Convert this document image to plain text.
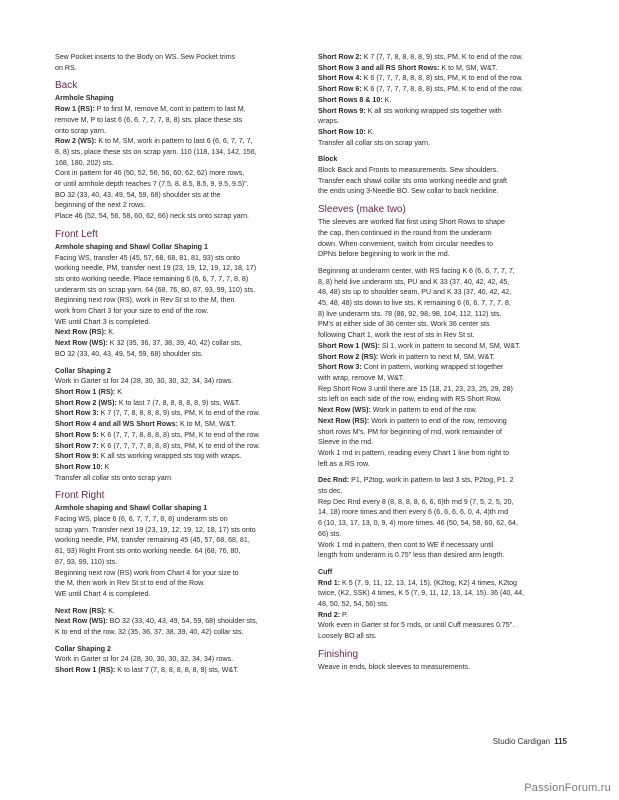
Sew Pocket inserts to the Body on WS. Sew Pocket trims
on RS.
Back
Armhole Shaping
Row 1 (RS): P to first M, remove M, cont in pattern to last M,
remove M, P to last 6 (6, 6, 7, 7, 7, 8, 8) sts, place these sts
onto scrap yarn.
Row 2 (WS): K to M, SM, work in pattern to last 6 (6, 6, 7, 7, 7,
8, 8) sts, place these sts on scrap yarn. 110 (118, 134, 142, 156,
168, 180, 202) sts.
Cont in pattern for 46 (50, 52, 56, 56, 60, 62, 62) more rows,
or until armhole depth reaches 7 (7.5, 8, 8.5, 8.5, 9, 9.5, 9.5)".
BO 32 (33, 40, 43, 49, 54, 59, 68) shoulder sts at the
beginning of the next 2 rows.
Place 46 (52, 54, 56, 58, 60, 62, 66) neck sts onto scrap yarn.
Front Left
Armhole shaping and Shawl Collar Shaping 1
Facing WS, transfer 45 (45, 57, 68, 68, 81, 81, 93) sts onto
working needle, PM, transfer next 19 (23, 19, 12, 19, 12, 18, 17)
sts onto working needle. Place remaining 6 (6, 6, 7, 7, 7, 8, 8)
underarm sts on scrap yarn. 64 (68, 76, 80, 87, 93, 99, 110) sts.
Beginning next row (RS), work in Rev St st to the M, then
work from Chart 3 for your size to end of the row.
WE until Chart 3 is completed.
Next Row (RS): K.
Next Row (WS): K 32 (35, 36, 37, 38, 39, 40, 42) collar sts,
BO 32 (33, 40, 43, 49, 54, 59, 68) shoulder sts.
Collar Shaping 2
Work in Garter st for 24 (28, 30, 30, 30, 32, 34, 34) rows.
Short Row 1 (RS): K
Short Row 2 (WS): K to last 7 (7, 8, 8, 8, 8, 8, 9) sts, W&T.
Short Row 3: K 7 (7, 7, 8, 8, 8, 8, 9) sts, PM, K to end of the row.
Short Row 4 and all WS Short Rows: K to M, SM, W&T.
Short Row 5: K 6 (7, 7, 7, 8, 8, 8, 8) sts, PM, K to end of the row.
Short Row 7: K 6 (7, 7, 7, 7, 8, 8, 8) sts, PM, K to end of the row.
Short Row 9: K all sts working wrapped sts tog with wraps.
Short Row 10: K
Transfer all collar sts onto scrap yarn
Front Right
Armhole shaping and Shawl Collar shaping 1
Facing WS, place 6 (6, 6, 7, 7, 7, 8, 8) underarm sts on
scrap yarn. Transfer next 19 (23, 19, 12, 19, 12, 18, 17) sts onto
working needle, PM, transfer remaining 45 (45, 57, 68, 68, 81,
81, 93) Right Front sts onto working needle. 64 (68, 76, 80,
87, 93, 99, 110) sts.
Beginning next row (RS) work from Chart 4 for your size to
the M, then work in Rev St st to end of the Row.
WE until Chart 4 is completed.
Next Row (RS): K.
Next Row (WS): BO 32 (33, 40, 43, 49, 54, 59, 68) shoulder sts,
K to end of the row. 32 (35, 36, 37, 38, 39, 40, 42) collar sts.
Collar Shaping 2
Work in Garter st for 24 (28, 30, 30, 30, 32, 34, 34) rows.
Short Row 1 (RS): K to last 7 (7, 8, 8, 8, 8, 8, 9) sts, W&T.
Short Row 2: K 7 (7, 7, 8, 8, 8, 8, 9) sts, PM, K to end of the row.
Short Row 3 and all RS Short Rows: K to M, SM, W&T.
Short Row 4: K 6 (7, 7, 7, 8, 8, 8, 8) sts, PM, K to end of the row.
Short Row 6: K 6 (7, 7, 7, 7, 8, 8, 8) sts, PM, K to end of the row.
Short Rows 8 & 10: K.
Short Rows 9: K all sts working wrapped sts together with
wraps.
Short Row 10: K.
Transfer all collar sts on scrap yarn.
Block
Block Back and Fronts to measurements. Sew shoulders.
Transfer each shawl collar sts onto working needle and graft
the ends using 3-Needle BO. Sew collar to back neckline.
Sleeves (make two)
The sleeves are worked flat first using Short Rows to shape
the cap, then continued in the round from the underarm
down. When convenient, switch from circular needles to
DPNs before beginning to work in the rnd.
Beginning at underarm center, with RS facing K 6 (6, 6, 7, 7, 7,
8, 8) held live underarm sts, PU and K 33 (37, 40, 42, 42, 45,
48, 48) sts up to shoulder seam, PU and K 33 (37, 40, 42, 42,
45, 48, 48) sts down to live sts, K remaining 6 (6, 6, 7, 7, 7, 8,
8) live underarm sts. 78 (86, 92, 98, 98, 104, 112, 112) sts.
PM's at either side of 36 center sts. Work 36 center sts
following Chart 1, work the rest of sts in Rev St st.
Short Row 1 (WS): Sl 1, work in pattern to second M, SM, W&T.
Short Row 2 (RS): Work in pattern to next M, SM, W&T.
Short Row 3: Cont in pattern, working wrapped st together
with wrap, remove M, W&T.
Rep Short Row 3 until there are 15 (18, 21, 23, 23, 25, 29, 28)
sts left on each side of the row, ending with RS Short Row.
Next Row (WS): Work in pattern to end of the row.
Next Row (RS): Work in pattern to end of the row, removing
short rows M's. PM for beginning of rnd, work remainder of
Sleeve in the rnd.
Work 1 rnd in pattern, reading every Chart 1 line from right to
left as a RS row.
Dec Rnd: P1, P2tog, work in pattern to last 3 sts, P2tog, P1. 2
sts dec.
Rep Dec Rnd every 8 (8, 8, 8, 8, 6, 6, 6)th rnd 9 (7, 5, 2, 5, 20,
14, 18) more times and then every 6 (6, 6, 6, 6, 0, 4, 4)th rnd
6 (10, 13, 17, 13, 0, 9, 4) more times. 46 (50, 54, 58, 60, 62, 64,
66) sts.
Work 1 rnd in pattern, then cont to WE if necessary until
length from underarm is 0.75" less than desired arm length.
Cuff
Rnd 1: K 5 (7, 9, 11, 12, 13, 14, 15), (K2tog, K2) 4 times, K2tog
twice, (K2, SSK) 4 times, K 5 (7, 9, 11, 12, 13, 14, 15). 36 (40, 44,
48, 50, 52, 54, 56) sts.
Rnd 2: P.
Work even in Garter st for 5 rnds, or until Cuff measures 0.75".
Loosely BO all sts.
Finishing
Weave in ends, block sleeves to measurements.
Studio Cardigan 115
PassionForum.ru
